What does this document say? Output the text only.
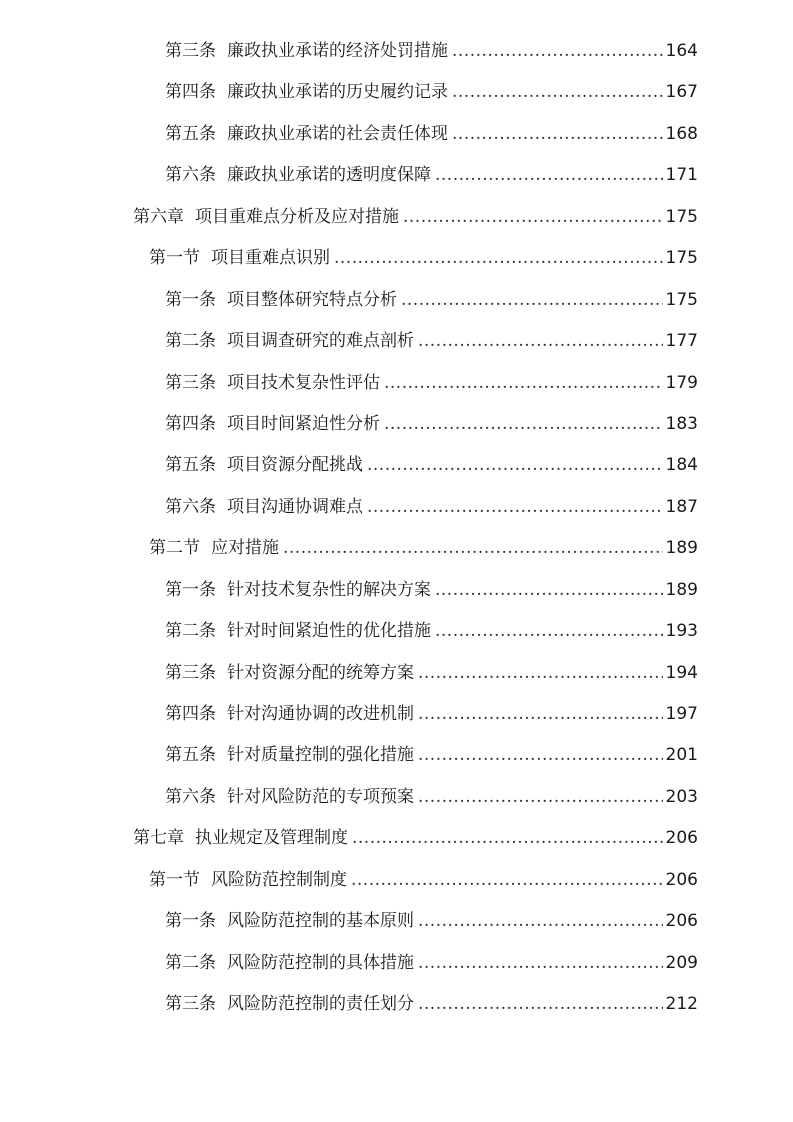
第三条 廉政执业承诺的经济处罚措施 .....	164
第四条 廉政执业承诺的历史履约记录 .....	167
第五条 廉政执业承诺的社会责任体现 .....	168
第六条 廉政执业承诺的透明度保障 .....	171
第六章 项目重难点分析及应对措施 .....	175
第一节 项目重难点识别 .....	175
第一条 项目整体研究特点分析 .....	175
第二条 项目调查研究的难点剖析 .....	177
第三条 项目技术复杂性评估 .....	179
第四条 项目时间紧迫性分析 .....	183
第五条 项目资源分配挑战 .....	184
第六条 项目沟通协调难点 .....	187
第二节 应对措施 .....	189
第一条 针对技术复杂性的解决方案 .....	189
第二条 针对时间紧迫性的优化措施 .....	193
第三条 针对资源分配的统筹方案 .....	194
第四条 针对沟通协调的改进机制 .....	197
第五条 针对质量控制的强化措施 .....	201
第六条 针对风险防范的专项预案 .....	203
第七章 执业规定及管理制度 .....	206
第一节 风险防范控制制度 .....	206
第一条 风险防范控制的基本原则 .....	206
第二条 风险防范控制的具体措施 .....	209
第三条 风险防范控制的责任划分 .....	212
